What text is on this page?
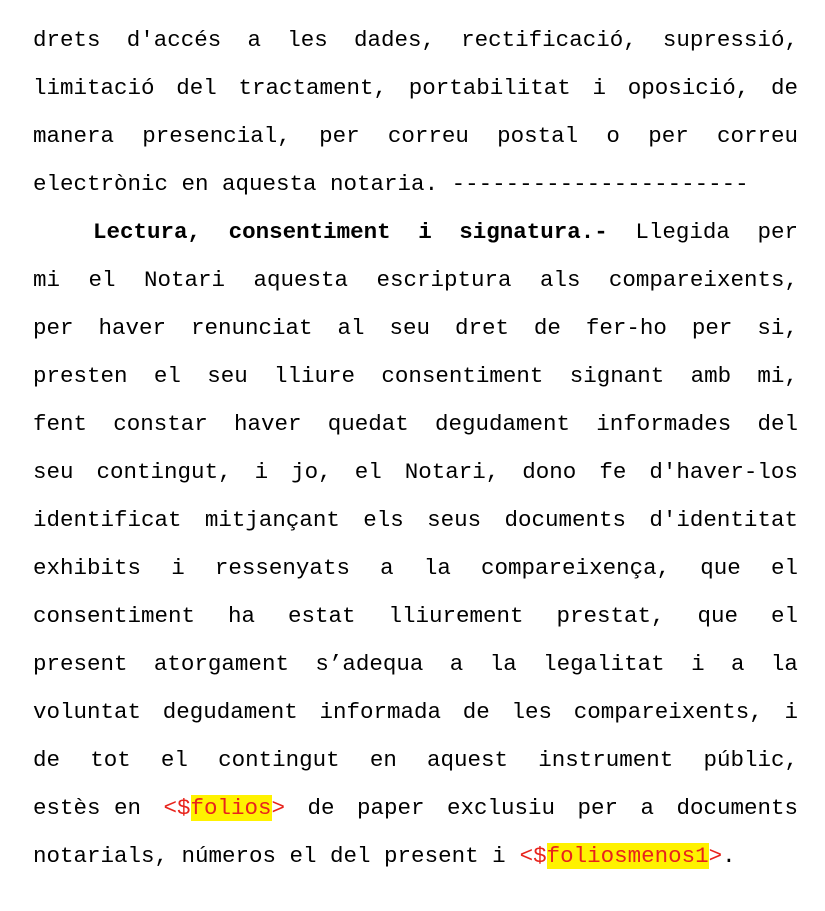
drets d'accés a les dades, rectificació, supressió,
limitació del tractament, portabilitat i oposició, de
manera presencial, per correu postal o per correu
electrònic en aquesta notaria. ----------------------
Lectura, consentiment i signatura.- Llegida per
mi el Notari aquesta escriptura als compareixents,
per haver renunciat al seu dret de fer-ho per si,
presten el seu lliure consentiment signant amb mi,
fent constar haver quedat degudament informades del
seu contingut, i jo, el Notari, dono fe d'haver-los
identificat mitjançant els seus documents d'identitat
exhibits i ressenyats a la compareixença, que el
consentiment ha estat lliurement prestat, que el
present atorgament s’adequa a la legalitat i a la
voluntat degudament informada de les compareixents, i
de tot el contingut en aquest instrument públic,
estès en <$folios> de paper exclusiu per a documents
notarials, números el del present i <$foliosmenos1> .
